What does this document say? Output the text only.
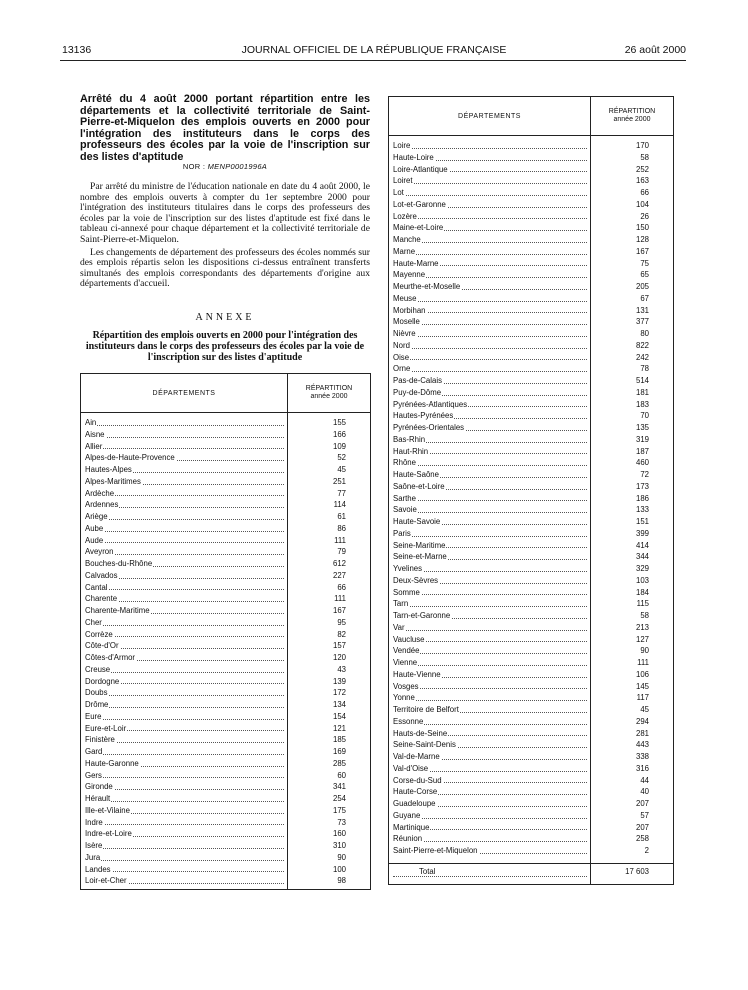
13136	JOURNAL OFFICIEL DE LA RÉPUBLIQUE FRANÇAISE	26 août 2000
Arrêté du 4 août 2000 portant répartition entre les départements et la collectivité territoriale de Saint-Pierre-et-Miquelon des emplois ouverts en 2000 pour l'intégration des instituteurs dans le corps des professeurs des écoles par la voie de l'inscription sur des listes d'aptitude
NOR : MENP0001996A

Par arrêté du ministre de l'éducation nationale en date du 4 août 2000, le nombre des emplois ouverts à compter du 1er septembre 2000 pour l'intégration des instituteurs titulaires dans le corps des professeurs des écoles par la voie de l'inscription sur des listes d'aptitude est fixé dans le tableau ci-annexé pour chaque département et la collectivité territoriale de Saint-Pierre-et-Miquelon.

Les changements de département des professeurs des écoles nommés sur des emplois répartis selon les dispositions ci-dessus entraînent transferts simultanés des emplois correspondants des départements d'origine aux départements d'accueil.

ANNEXE
Répartition des emplois ouverts en 2000 pour l'intégration des instituteurs dans le corps des professeurs des écoles par la voie de l'inscription sur des listes d'aptitude
DÉPARTEMENTS
RÉPARTITION
année 2000
Ain	155
Aisne	166
Allier	109
Alpes-de-Haute-Provence	52
Hautes-Alpes	45
Alpes-Maritimes	251
Ardèche	77
Ardennes	114
Ariège	61
Aube	86
Aude	111
Aveyron	79
Bouches-du-Rhône	612
Calvados	227
Cantal	66
Charente	111
Charente-Maritime	167
Cher	95
Corrèze	82
Côte-d'Or	157
Côtes-d'Armor	120
Creuse	43
Dordogne	139
Doubs	172
Drôme	134
Eure	154
Eure-et-Loir	121
Finistère	185
Gard	169
Haute-Garonne	285
Gers	60
Gironde	341
Hérault	254
Ille-et-Vilaine	175
Indre	73
Indre-et-Loire	160
Isère	310
Jura	90
Landes	100
Loir-et-Cher	98
DÉPARTEMENTS
RÉPARTITION
année 2000
Loire	170
Haute-Loire	58
Loire-Atlantique	252
Loiret	163
Lot	66
Lot-et-Garonne	104
Lozère	26
Maine-et-Loire	150
Manche	128
Marne	167
Haute-Marne	75
Mayenne	65
Meurthe-et-Moselle	205
Meuse	67
Morbihan	131
Moselle	377
Nièvre	80
Nord	822
Oise	242
Orne	78
Pas-de-Calais	514
Puy-de-Dôme	181
Pyrénées-Atlantiques	183
Hautes-Pyrénées	70
Pyrénées-Orientales	135
Bas-Rhin	319
Haut-Rhin	187
Rhône	460
Haute-Saône	72
Saône-et-Loire	173
Sarthe	186
Savoie	133
Haute-Savoie	151
Paris	399
Seine-Maritime	414
Seine-et-Marne	344
Yvelines	329
Deux-Sèvres	103
Somme	184
Tarn	115
Tarn-et-Garonne	58
Var	213
Vaucluse	127
Vendée	90
Vienne	111
Haute-Vienne	106
Vosges	145
Yonne	117
Territoire de Belfort	45
Essonne	294
Hauts-de-Seine	281
Seine-Saint-Denis	443
Val-de-Marne	338
Val-d'Oise	316
Corse-du-Sud	44
Haute-Corse	40
Guadeloupe	207
Guyane	57
Martinique	207
Réunion	258
Saint-Pierre-et-Miquelon	2
Total	17 603
